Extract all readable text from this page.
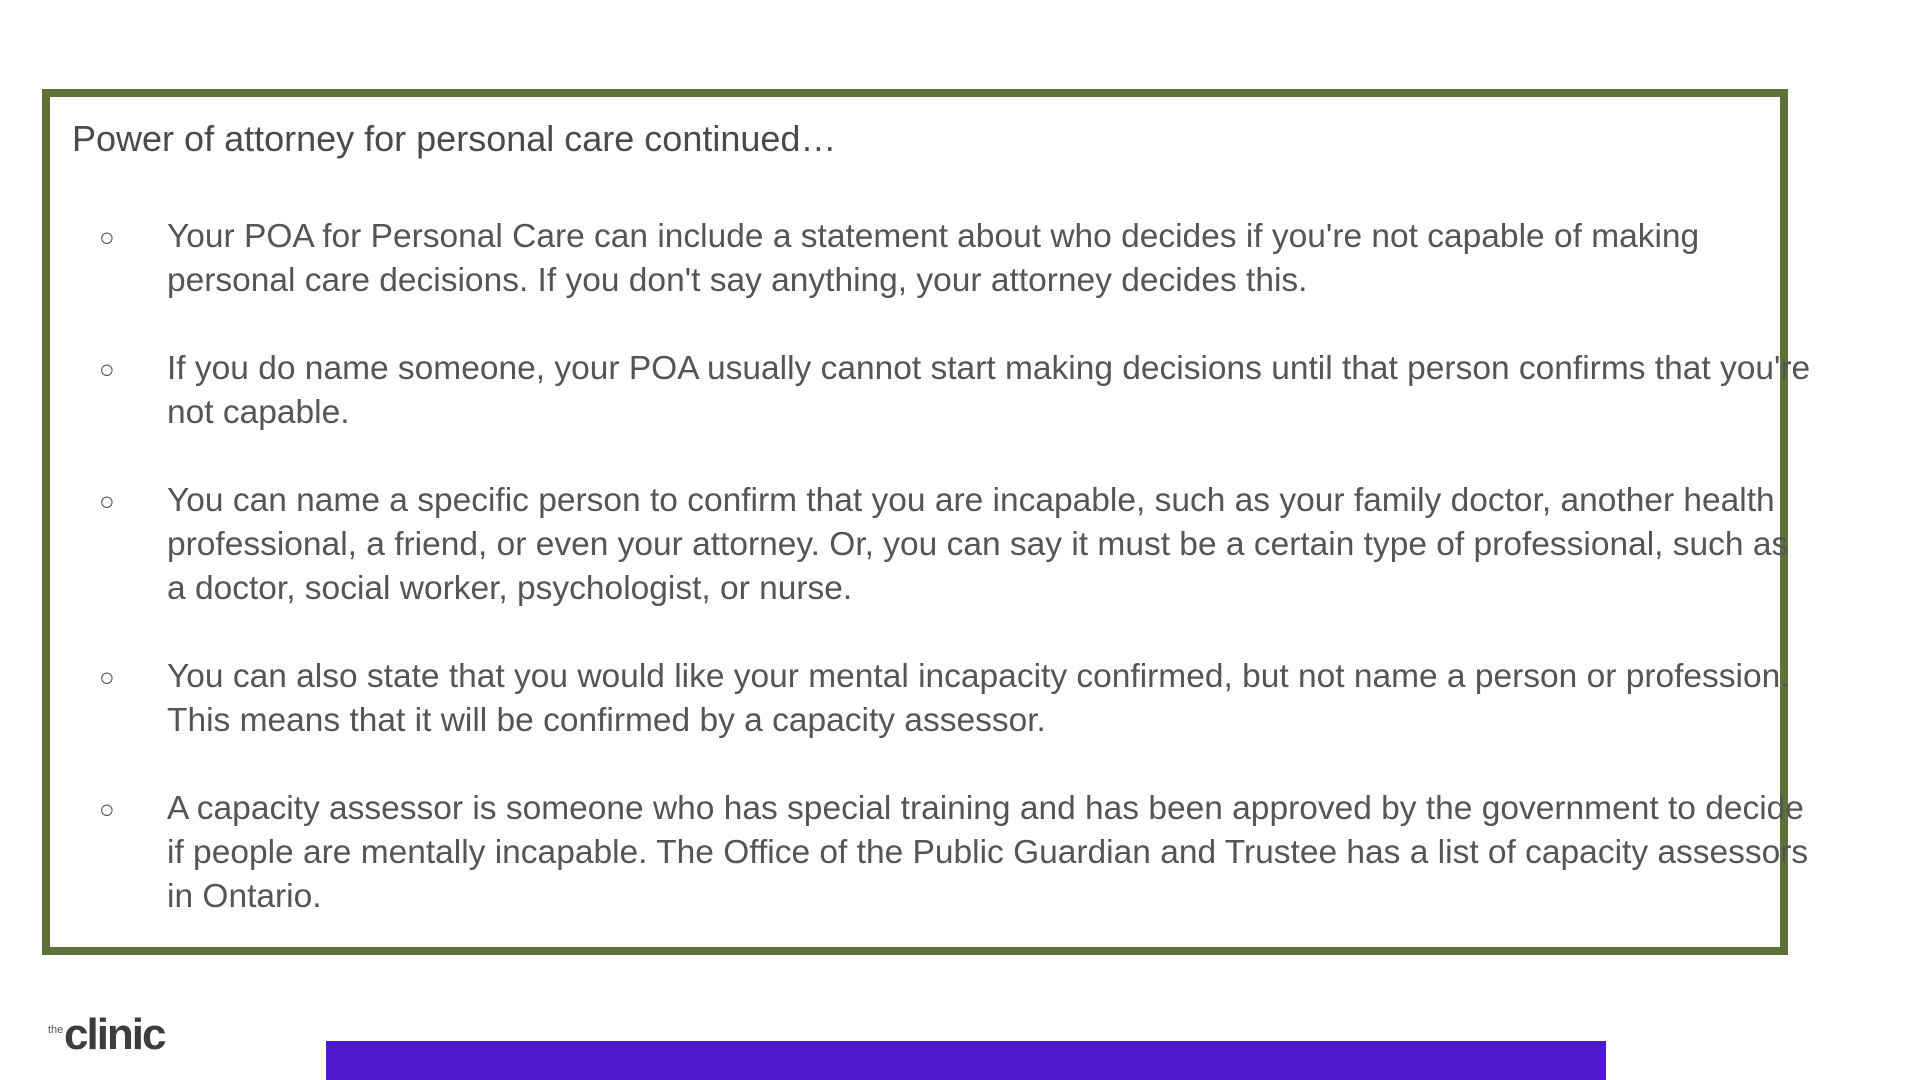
Power of attorney for personal care continued…
○ Your POA for Personal Care can include a statement about who decides if you're not capable of making personal care decisions. If you don't say anything, your attorney decides this.
○ If you do name someone, your POA usually cannot start making decisions until that person confirms that you're not capable.
○ You can name a specific person to confirm that you are incapable, such as your family doctor, another health professional, a friend, or even your attorney. Or, you can say it must be a certain type of professional, such as a doctor, social worker, psychologist, or nurse.
○ You can also state that you would like your mental incapacity confirmed, but not name a person or profession. This means that it will be confirmed by a capacity assessor.
○ A capacity assessor is someone who has special training and has been approved by the government to decide if people are mentally incapable. The Office of the Public Guardian and Trustee has a list of capacity assessors in Ontario.
the clinic
